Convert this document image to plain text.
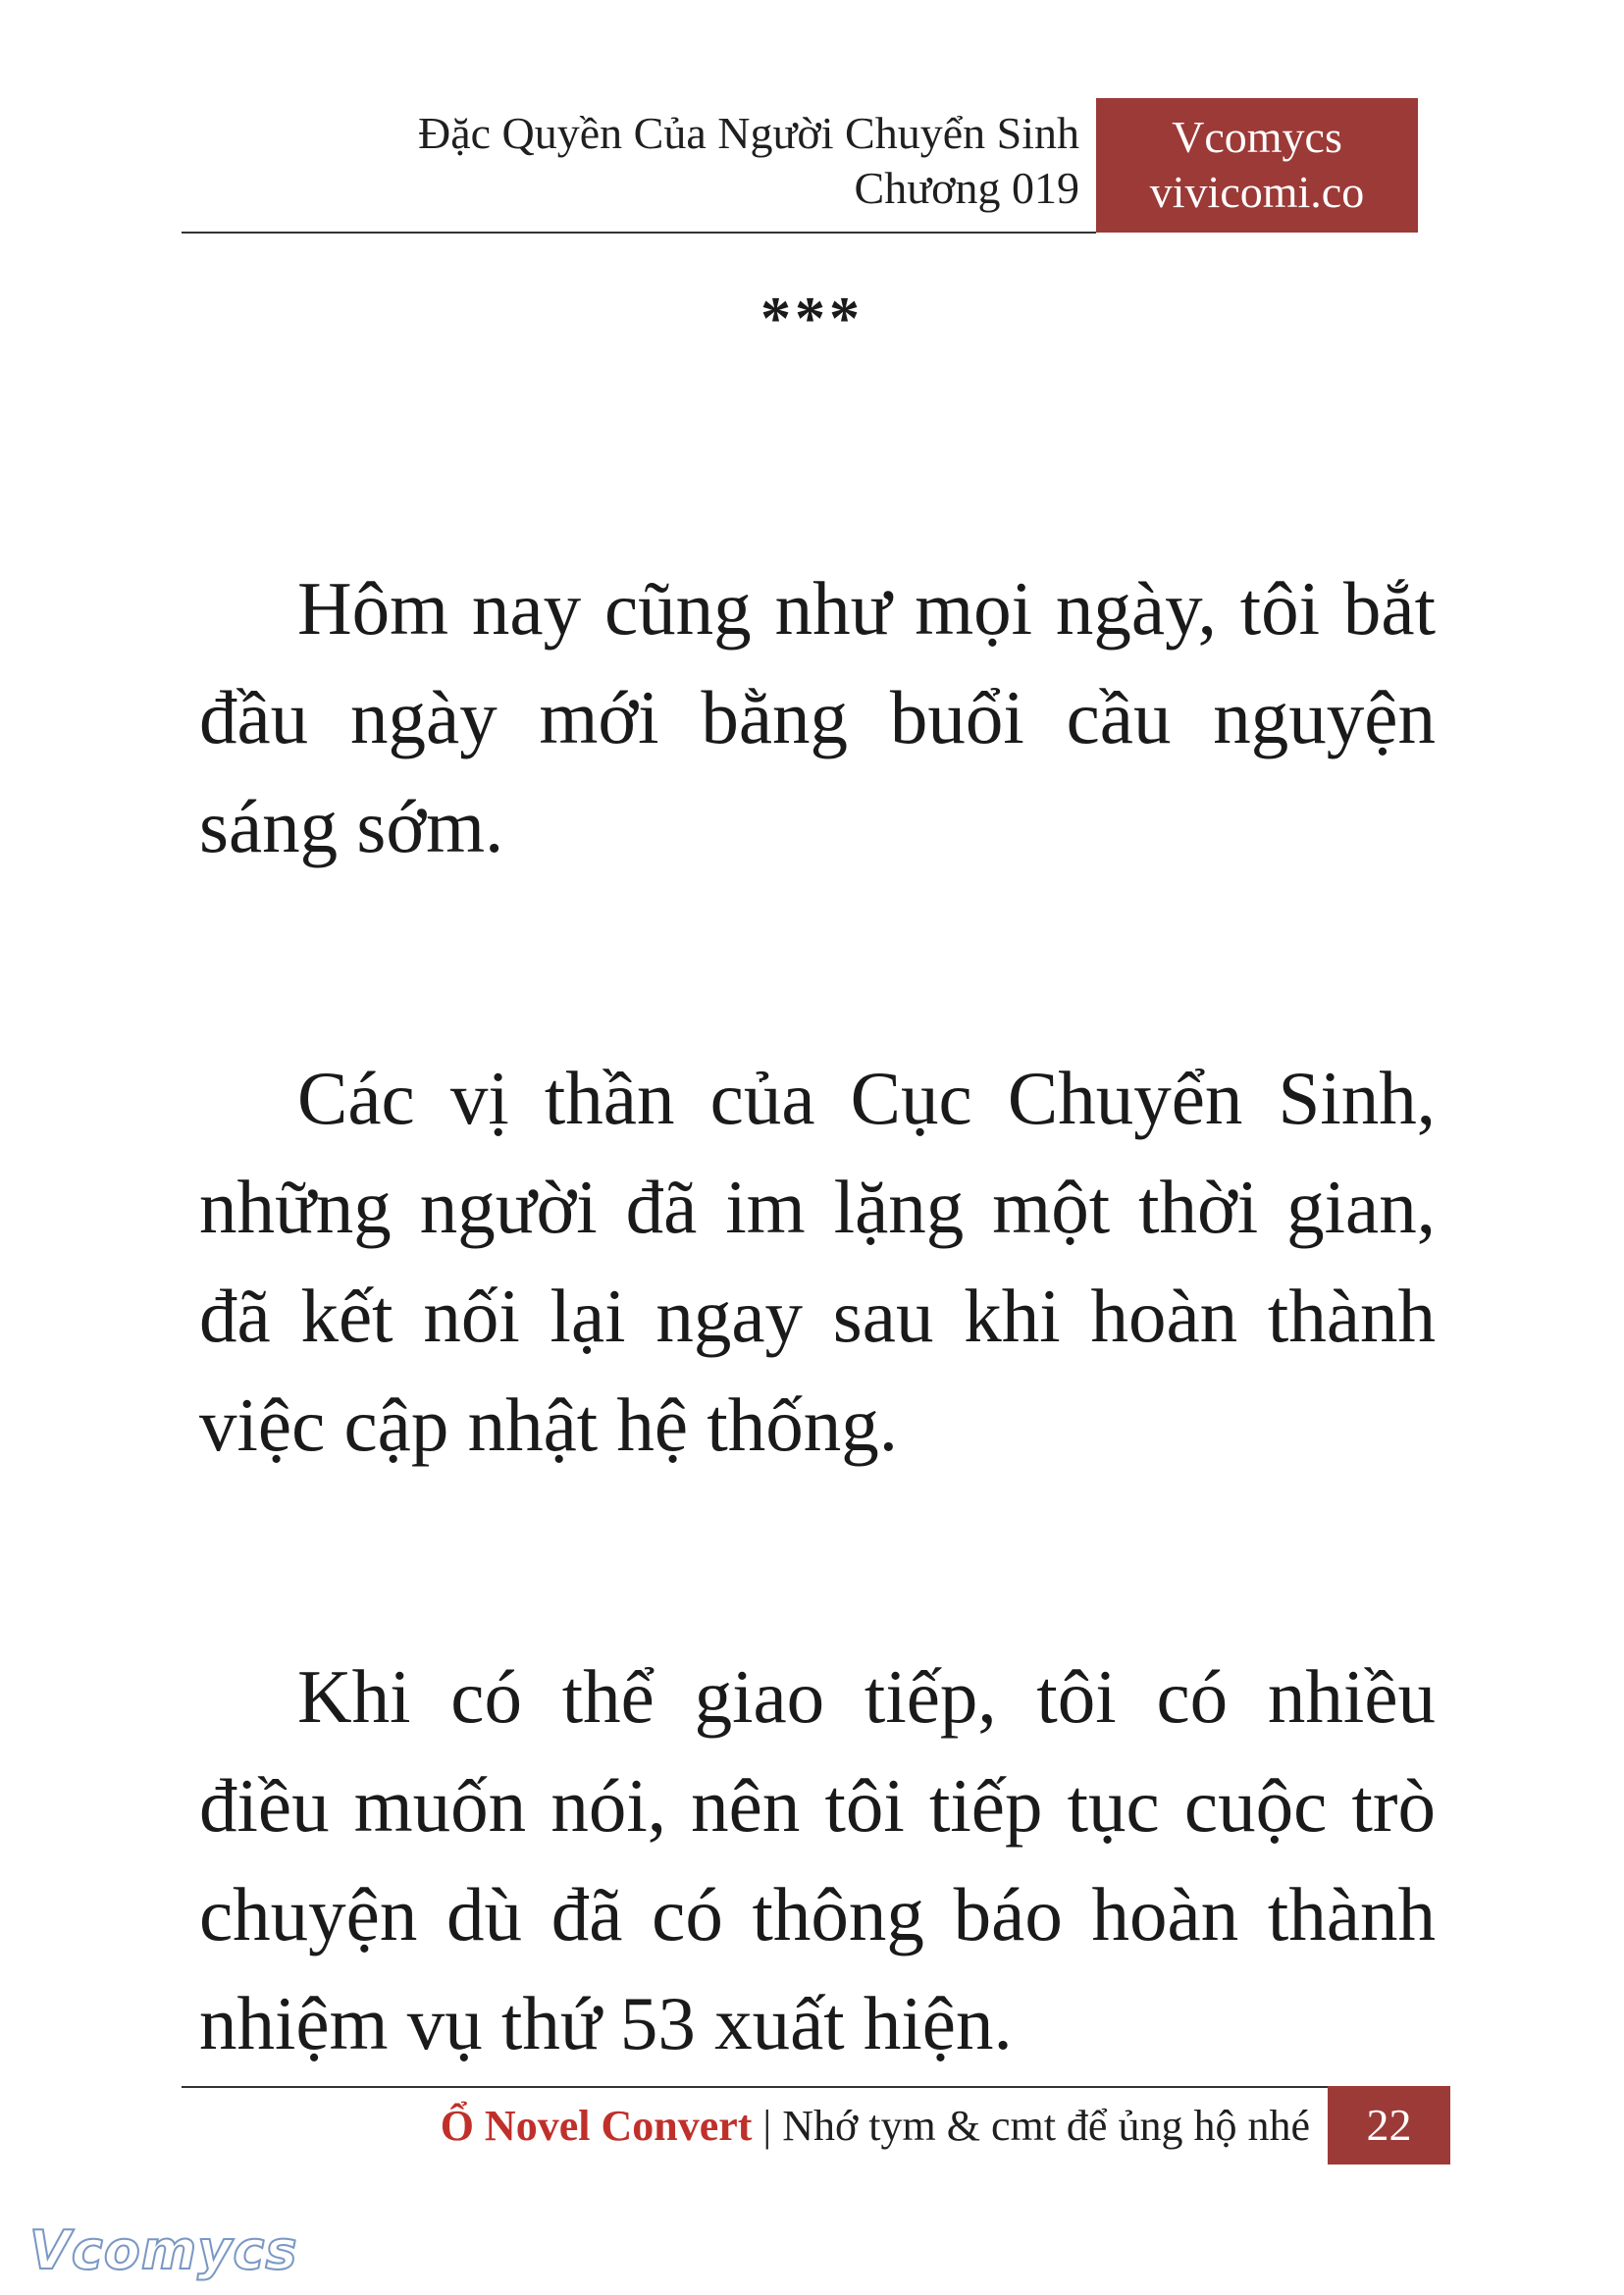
Đặc Quyền Của Người Chuyển Sinh
Chương 019
Vcomycs
vivicomi.co
***

Hôm nay cũng như mọi ngày, tôi bắt đầu ngày mới bằng buổi cầu nguyện sáng sớm.

Các vị thần của Cục Chuyển Sinh, những người đã im lặng một thời gian, đã kết nối lại ngay sau khi hoàn thành việc cập nhật hệ thống.

Khi có thể giao tiếp, tôi có nhiều điều muốn nói, nên tôi tiếp tục cuộc trò chuyện dù đã có thông báo hoàn thành nhiệm vụ thứ 53 xuất hiện.

Ổ Novel Convert | Nhớ tym & cmt để ủng hộ nhé	22
Vcomycs
